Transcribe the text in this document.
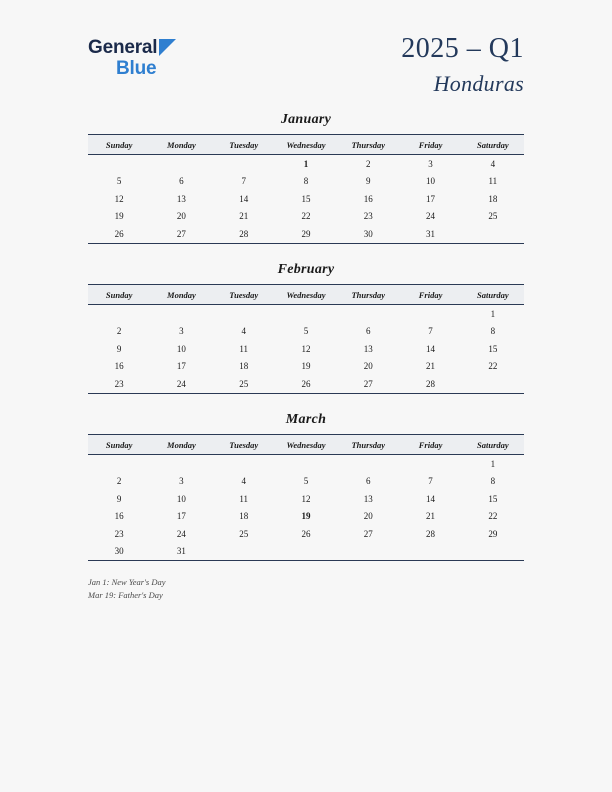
General
Blue
2025 – Q1
Honduras
January
Sunday	Monday	Tuesday	Wednesday	Thursday	Friday	Saturday
			1	2	3	4
5	6	7	8	9	10	11
12	13	14	15	16	17	18
19	20	21	22	23	24	25
26	27	28	29	30	31	
February
Sunday	Monday	Tuesday	Wednesday	Thursday	Friday	Saturday
						1
2	3	4	5	6	7	8
9	10	11	12	13	14	15
16	17	18	19	20	21	22
23	24	25	26	27	28	
March
Sunday	Monday	Tuesday	Wednesday	Thursday	Friday	Saturday
						1
2	3	4	5	6	7	8
9	10	11	12	13	14	15
16	17	18	19	20	21	22
23	24	25	26	27	28	29
30	31					
Jan 1: New Year's Day
Mar 19: Father's Day
